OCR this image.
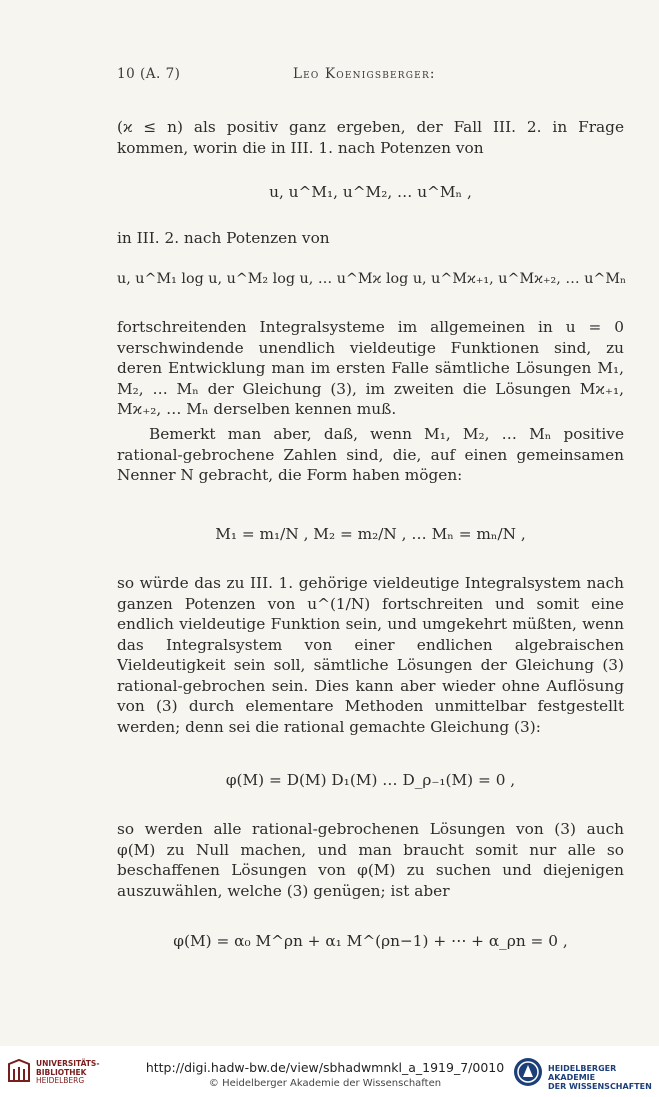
10 (A. 7)	Leo Koenigsberger:

(ϰ ≤ n) als positiv ganz ergeben, der Fall III. 2. in Frage kommen, worin die in III. 1. nach Potenzen von

u, u^M₁, u^M₂, … u^Mₙ ,

in III. 2. nach Potenzen von

u, u^M₁ log u, u^M₂ log u, … u^Mϰ log u, u^Mϰ₊₁, u^Mϰ₊₂, … u^Mₙ

fortschreitenden Integralsysteme im allgemeinen in u = 0 verschwindende unendlich vieldeutige Funktionen sind, zu deren Entwicklung man im ersten Falle sämtliche Lösungen M₁, M₂, … Mₙ der Gleichung (3), im zweiten die Lösungen Mϰ₊₁, Mϰ₊₂, … Mₙ derselben kennen muß.

Bemerkt man aber, daß, wenn M₁, M₂, … Mₙ positive rational-gebrochene Zahlen sind, die, auf einen gemeinsamen Nenner N gebracht, die Form haben mögen:

M₁ = m₁/N , M₂ = m₂/N , … Mₙ = mₙ/N ,

so würde das zu III. 1. gehörige vieldeutige Integralsystem nach ganzen Potenzen von u^(1/N) fortschreiten und somit eine endlich vieldeutige Funktion sein, und umgekehrt müßten, wenn das Integralsystem von einer endlichen algebraischen Vieldeutigkeit sein soll, sämtliche Lösungen der Gleichung (3) rational-gebrochen sein. Dies kann aber wieder ohne Auflösung von (3) durch elementare Methoden unmittelbar festgestellt werden; denn sei die rational gemachte Gleichung (3):

φ(M) = D(M) D₁(M) … D_ρ₋₁(M) = 0 ,

so werden alle rational-gebrochenen Lösungen von (3) auch φ(M) zu Null machen, und man braucht somit nur alle so beschaffenen Lösungen von φ(M) zu suchen und diejenigen auszuwählen, welche (3) genügen; ist aber

φ(M) = α₀ M^ρn + α₁ M^(ρn−1) + ⋯ + α_ρn = 0 ,
UNIVERSITÄTS-
BIBLIOTHEK
HEIDELBERG
http://digi.hadw-bw.de/view/sbhadwmnkl_a_1919_7/0010
© Heidelberger Akademie der Wissenschaften
HEIDELBERGER AKADEMIE
DER WISSENSCHAFTEN
